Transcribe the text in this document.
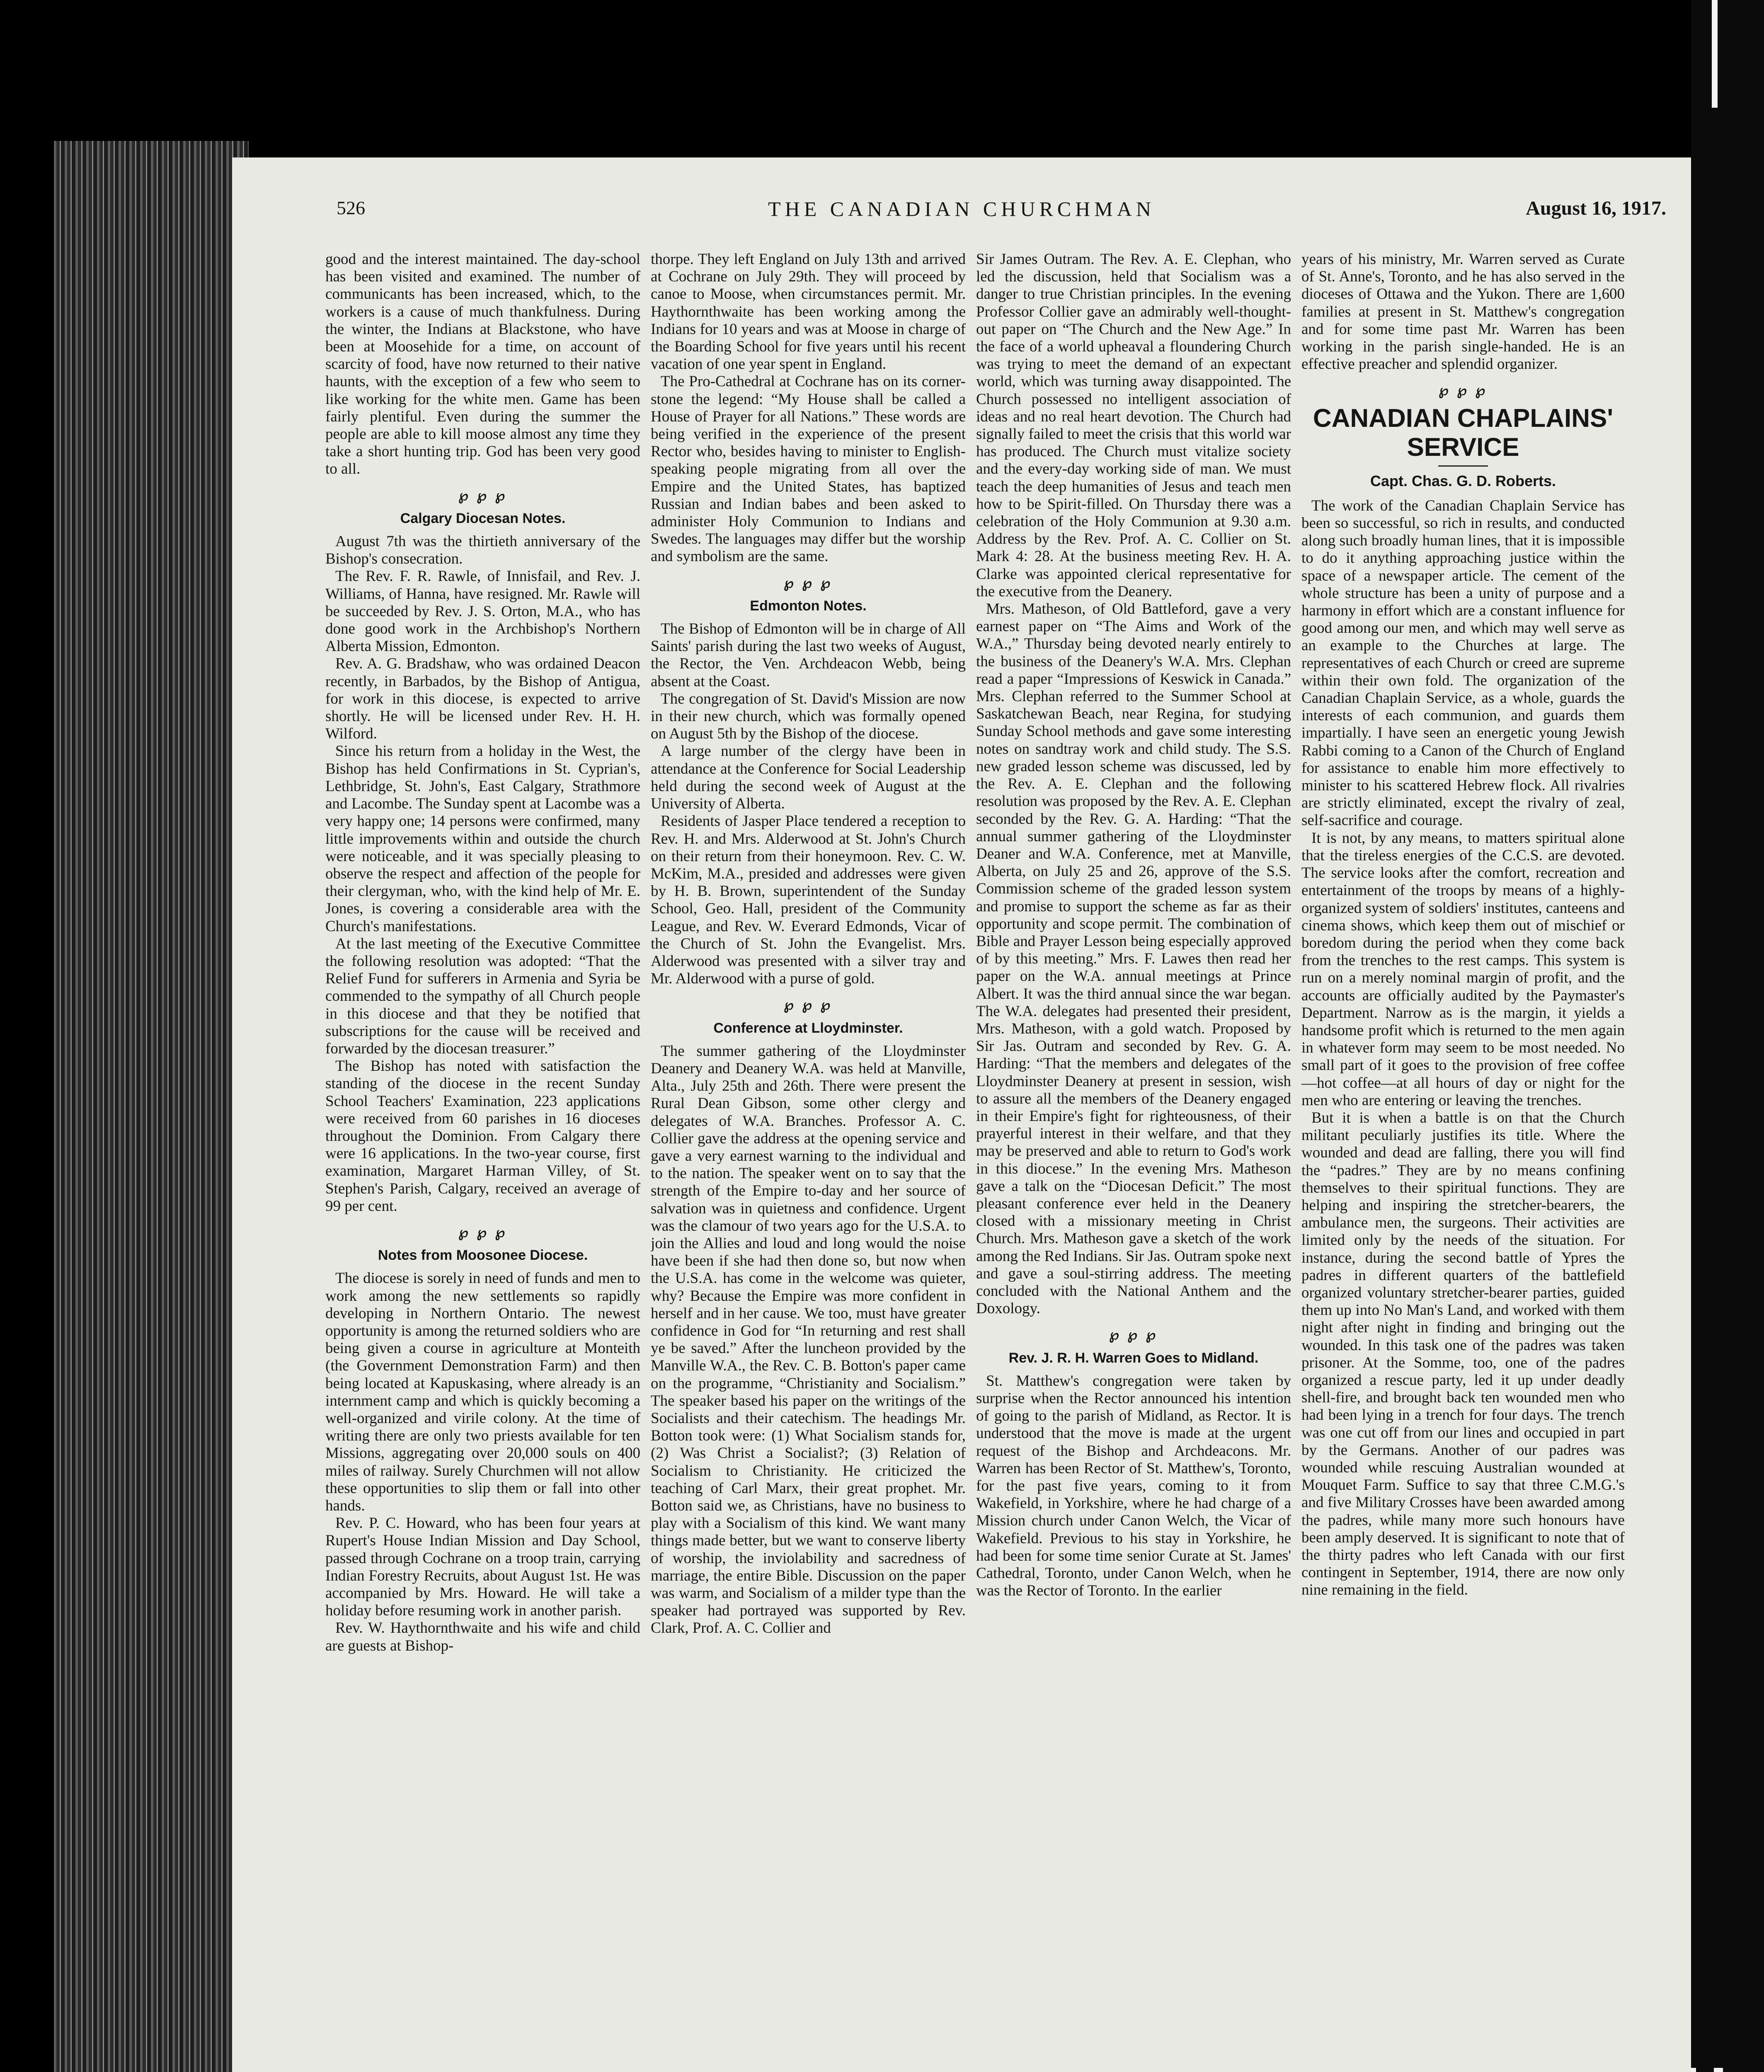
526	THE CANADIAN CHURCHMAN	August 16, 1917.

good and the interest maintained. The day-school has been visited and examined. The number of communicants has been increased, which, to the workers is a cause of much thankfulness. During the winter, the Indians at Blackstone, who have been at Moosehide for a time, on account of scarcity of food, have now returned to their native haunts, with the exception of a few who seem to like working for the white men. Game has been fairly plentiful. Even during the summer the people are able to kill moose almost any time they take a short hunting trip. God has been very good to all.

℘ ℘ ℘
Calgary Diocesan Notes.

August 7th was the thirtieth anniversary of the Bishop's consecration.

The Rev. F. R. Rawle, of Innisfail, and Rev. J. Williams, of Hanna, have resigned. Mr. Rawle will be succeeded by Rev. J. S. Orton, M.A., who has done good work in the Archbishop's Northern Alberta Mission, Edmonton.

Rev. A. G. Bradshaw, who was ordained Deacon recently, in Barbados, by the Bishop of Antigua, for work in this diocese, is expected to arrive shortly. He will be licensed under Rev. H. H. Wilford.

Since his return from a holiday in the West, the Bishop has held Confirmations in St. Cyprian's, Lethbridge, St. John's, East Calgary, Strathmore and Lacombe. The Sunday spent at Lacombe was a very happy one; 14 persons were confirmed, many little improvements within and outside the church were noticeable, and it was specially pleasing to observe the respect and affection of the people for their clergyman, who, with the kind help of Mr. E. Jones, is covering a considerable area with the Church's manifestations.

At the last meeting of the Executive Committee the following resolution was adopted: “That the Relief Fund for sufferers in Armenia and Syria be commended to the sympathy of all Church people in this diocese and that they be notified that subscriptions for the cause will be received and forwarded by the diocesan treasurer.”

The Bishop has noted with satisfaction the standing of the diocese in the recent Sunday School Teachers' Examination, 223 applications were received from 60 parishes in 16 dioceses throughout the Dominion. From Calgary there were 16 applications. In the two-year course, first examination, Margaret Harman Villey, of St. Stephen's Parish, Calgary, received an average of 99 per cent.

℘ ℘ ℘
Notes from Moosonee Diocese.

The diocese is sorely in need of funds and men to work among the new settlements so rapidly developing in Northern Ontario. The newest opportunity is among the returned soldiers who are being given a course in agriculture at Monteith (the Government Demonstration Farm) and then being located at Kapuskasing, where already is an internment camp and which is quickly becoming a well-organized and virile colony. At the time of writing there are only two priests available for ten Missions, aggregating over 20,000 souls on 400 miles of railway. Surely Churchmen will not allow these opportunities to slip them or fall into other hands.

Rev. P. C. Howard, who has been four years at Rupert's House Indian Mission and Day School, passed through Cochrane on a troop train, carrying Indian Forestry Recruits, about August 1st. He was accompanied by Mrs. Howard. He will take a holiday before resuming work in another parish.

Rev. W. Haythornthwaite and his wife and child are guests at Bishop-

thorpe. They left England on July 13th and arrived at Cochrane on July 29th. They will proceed by canoe to Moose, when circumstances permit. Mr. Haythornthwaite has been working among the Indians for 10 years and was at Moose in charge of the Boarding School for five years until his recent vacation of one year spent in England.

The Pro-Cathedral at Cochrane has on its corner-stone the legend: “My House shall be called a House of Prayer for all Nations.” These words are being verified in the experience of the present Rector who, besides having to minister to English-speaking people migrating from all over the Empire and the United States, has baptized Russian and Indian babes and been asked to administer Holy Communion to Indians and Swedes. The languages may differ but the worship and symbolism are the same.

℘ ℘ ℘
Edmonton Notes.

The Bishop of Edmonton will be in charge of All Saints' parish during the last two weeks of August, the Rector, the Ven. Archdeacon Webb, being absent at the Coast.

The congregation of St. David's Mission are now in their new church, which was formally opened on August 5th by the Bishop of the diocese.

A large number of the clergy have been in attendance at the Conference for Social Leadership held during the second week of August at the University of Alberta.

Residents of Jasper Place tendered a reception to Rev. H. and Mrs. Alderwood at St. John's Church on their return from their honeymoon. Rev. C. W. McKim, M.A., presided and addresses were given by H. B. Brown, superintendent of the Sunday School, Geo. Hall, president of the Community League, and Rev. W. Everard Edmonds, Vicar of the Church of St. John the Evangelist. Mrs. Alderwood was presented with a silver tray and Mr. Alderwood with a purse of gold.

℘ ℘ ℘
Conference at Lloydminster.

The summer gathering of the Lloydminster Deanery and Deanery W.A. was held at Manville, Alta., July 25th and 26th. There were present the Rural Dean Gibson, some other clergy and delegates of W.A. Branches. Professor A. C. Collier gave the address at the opening service and gave a very earnest warning to the individual and to the nation. The speaker went on to say that the strength of the Empire to-day and her source of salvation was in quietness and confidence. Urgent was the clamour of two years ago for the U.S.A. to join the Allies and loud and long would the noise have been if she had then done so, but now when the U.S.A. has come in the welcome was quieter, why? Because the Empire was more confident in herself and in her cause. We too, must have greater confidence in God for “In returning and rest shall ye be saved.” After the luncheon provided by the Manville W.A., the Rev. C. B. Botton's paper came on the programme, “Christianity and Socialism.” The speaker based his paper on the writings of the Socialists and their catechism. The headings Mr. Botton took were: (1) What Socialism stands for, (2) Was Christ a Socialist?; (3) Relation of Socialism to Christianity. He criticized the teaching of Carl Marx, their great prophet. Mr. Botton said we, as Christians, have no business to play with a Socialism of this kind. We want many things made better, but we want to conserve liberty of worship, the inviolability and sacredness of marriage, the entire Bible. Discussion on the paper was warm, and Socialism of a milder type than the speaker had portrayed was supported by Rev. Clark, Prof. A. C. Collier and

Sir James Outram. The Rev. A. E. Clephan, who led the discussion, held that Socialism was a danger to true Christian principles. In the evening Professor Collier gave an admirably well-thought-out paper on “The Church and the New Age.” In the face of a world upheaval a floundering Church was trying to meet the demand of an expectant world, which was turning away disappointed. The Church possessed no intelligent association of ideas and no real heart devotion. The Church had signally failed to meet the crisis that this world war has produced. The Church must vitalize society and the every-day working side of man. We must teach the deep humanities of Jesus and teach men how to be Spirit-filled. On Thursday there was a celebration of the Holy Communion at 9.30 a.m. Address by the Rev. Prof. A. C. Collier on St. Mark 4: 28. At the business meeting Rev. H. A. Clarke was appointed clerical representative for the executive from the Deanery.

Mrs. Matheson, of Old Battleford, gave a very earnest paper on “The Aims and Work of the W.A.,” Thursday being devoted nearly entirely to the business of the Deanery's W.A. Mrs. Clephan read a paper “Impressions of Keswick in Canada.” Mrs. Clephan referred to the Summer School at Saskatchewan Beach, near Regina, for studying Sunday School methods and gave some interesting notes on sandtray work and child study. The S.S. new graded lesson scheme was discussed, led by the Rev. A. E. Clephan and the following resolution was proposed by the Rev. A. E. Clephan seconded by the Rev. G. A. Harding: “That the annual summer gathering of the Lloydminster Deaner and W.A. Conference, met at Manville, Alberta, on July 25 and 26, approve of the S.S. Commission scheme of the graded lesson system and promise to support the scheme as far as their opportunity and scope permit. The combination of Bible and Prayer Lesson being especially approved of by this meeting.” Mrs. F. Lawes then read her paper on the W.A. annual meetings at Prince Albert. It was the third annual since the war began. The W.A. delegates had presented their president, Mrs. Matheson, with a gold watch. Proposed by Sir Jas. Outram and seconded by Rev. G. A. Harding: “That the members and delegates of the Lloydminster Deanery at present in session, wish to assure all the members of the Deanery engaged in their Empire's fight for righteousness, of their prayerful interest in their welfare, and that they may be preserved and able to return to God's work in this diocese.” In the evening Mrs. Matheson gave a talk on the “Diocesan Deficit.” The most pleasant conference ever held in the Deanery closed with a missionary meeting in Christ Church. Mrs. Matheson gave a sketch of the work among the Red Indians. Sir Jas. Outram spoke next and gave a soul-stirring address. The meeting concluded with the National Anthem and the Doxology.

℘ ℘ ℘
Rev. J. R. H. Warren Goes to Midland.

St. Matthew's congregation were taken by surprise when the Rector announced his intention of going to the parish of Midland, as Rector. It is understood that the move is made at the urgent request of the Bishop and Archdeacons. Mr. Warren has been Rector of St. Matthew's, Toronto, for the past five years, coming to it from Wakefield, in Yorkshire, where he had charge of a Mission church under Canon Welch, the Vicar of Wakefield. Previous to his stay in Yorkshire, he had been for some time senior Curate at St. James' Cathedral, Toronto, under Canon Welch, when he was the Rector of Toronto. In the earlier

years of his ministry, Mr. Warren served as Curate of St. Anne's, Toronto, and he has also served in the dioceses of Ottawa and the Yukon. There are 1,600 families at present in St. Matthew's congregation and for some time past Mr. Warren has been working in the parish single-handed. He is an effective preacher and splendid organizer.

℘ ℘ ℘
CANADIAN CHAPLAINS' SERVICE
Capt. Chas. G. D. Roberts.

The work of the Canadian Chaplain Service has been so successful, so rich in results, and conducted along such broadly human lines, that it is impossible to do it anything approaching justice within the space of a newspaper article. The cement of the whole structure has been a unity of purpose and a harmony in effort which are a constant influence for good among our men, and which may well serve as an example to the Churches at large. The representatives of each Church or creed are supreme within their own fold. The organization of the Canadian Chaplain Service, as a whole, guards the interests of each communion, and guards them impartially. I have seen an energetic young Jewish Rabbi coming to a Canon of the Church of England for assistance to enable him more effectively to minister to his scattered Hebrew flock. All rivalries are strictly eliminated, except the rivalry of zeal, self-sacrifice and courage.

It is not, by any means, to matters spiritual alone that the tireless energies of the C.C.S. are devoted. The service looks after the comfort, recreation and entertainment of the troops by means of a highly-organized system of soldiers' institutes, canteens and cinema shows, which keep them out of mischief or boredom during the period when they come back from the trenches to the rest camps. This system is run on a merely nominal margin of profit, and the accounts are officially audited by the Paymaster's Department. Narrow as is the margin, it yields a handsome profit which is returned to the men again in whatever form may seem to be most needed. No small part of it goes to the provision of free coffee—hot coffee—at all hours of day or night for the men who are entering or leaving the trenches.

But it is when a battle is on that the Church militant peculiarly justifies its title. Where the wounded and dead are falling, there you will find the “padres.” They are by no means confining themselves to their spiritual functions. They are helping and inspiring the stretcher-bearers, the ambulance men, the surgeons. Their activities are limited only by the needs of the situation. For instance, during the second battle of Ypres the padres in different quarters of the battlefield organized voluntary stretcher-bearer parties, guided them up into No Man's Land, and worked with them night after night in finding and bringing out the wounded. In this task one of the padres was taken prisoner. At the Somme, too, one of the padres organized a rescue party, led it up under deadly shell-fire, and brought back ten wounded men who had been lying in a trench for four days. The trench was one cut off from our lines and occupied in part by the Germans. Another of our padres was wounded while rescuing Australian wounded at Mouquet Farm. Suffice to say that three C.M.G.'s and five Military Crosses have been awarded among the padres, while many more such honours have been amply deserved. It is significant to note that of the thirty padres who left Canada with our first contingent in September, 1914, there are now only nine remaining in the field.
